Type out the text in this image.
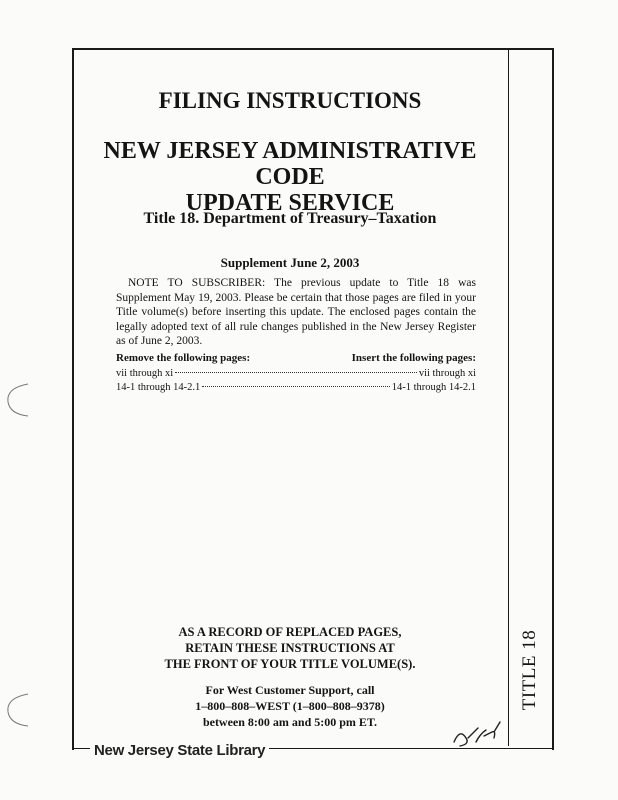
FILING INSTRUCTIONS
NEW JERSEY ADMINISTRATIVE CODE
UPDATE SERVICE
Title 18. Department of Treasury–Taxation
Supplement June 2, 2003
NOTE TO SUBSCRIBER: The previous update to Title 18 was Supplement May 19, 2003. Please be certain that those pages are filed in your Title volume(s) before inserting this update. The enclosed pages contain the legally adopted text of all rule changes published in the New Jersey Register as of June 2, 2003.
Remove the following pages:	Insert the following pages:
vii through xi	vii through xi
14-1 through 14-2.1	14-1 through 14-2.1
AS A RECORD OF REPLACED PAGES,
RETAIN THESE INSTRUCTIONS AT
THE FRONT OF YOUR TITLE VOLUME(S).
For West Customer Support, call
1–800–808–WEST (1–800–808–9378)
between 8:00 am and 5:00 pm ET.
TITLE 18
New Jersey State Library
